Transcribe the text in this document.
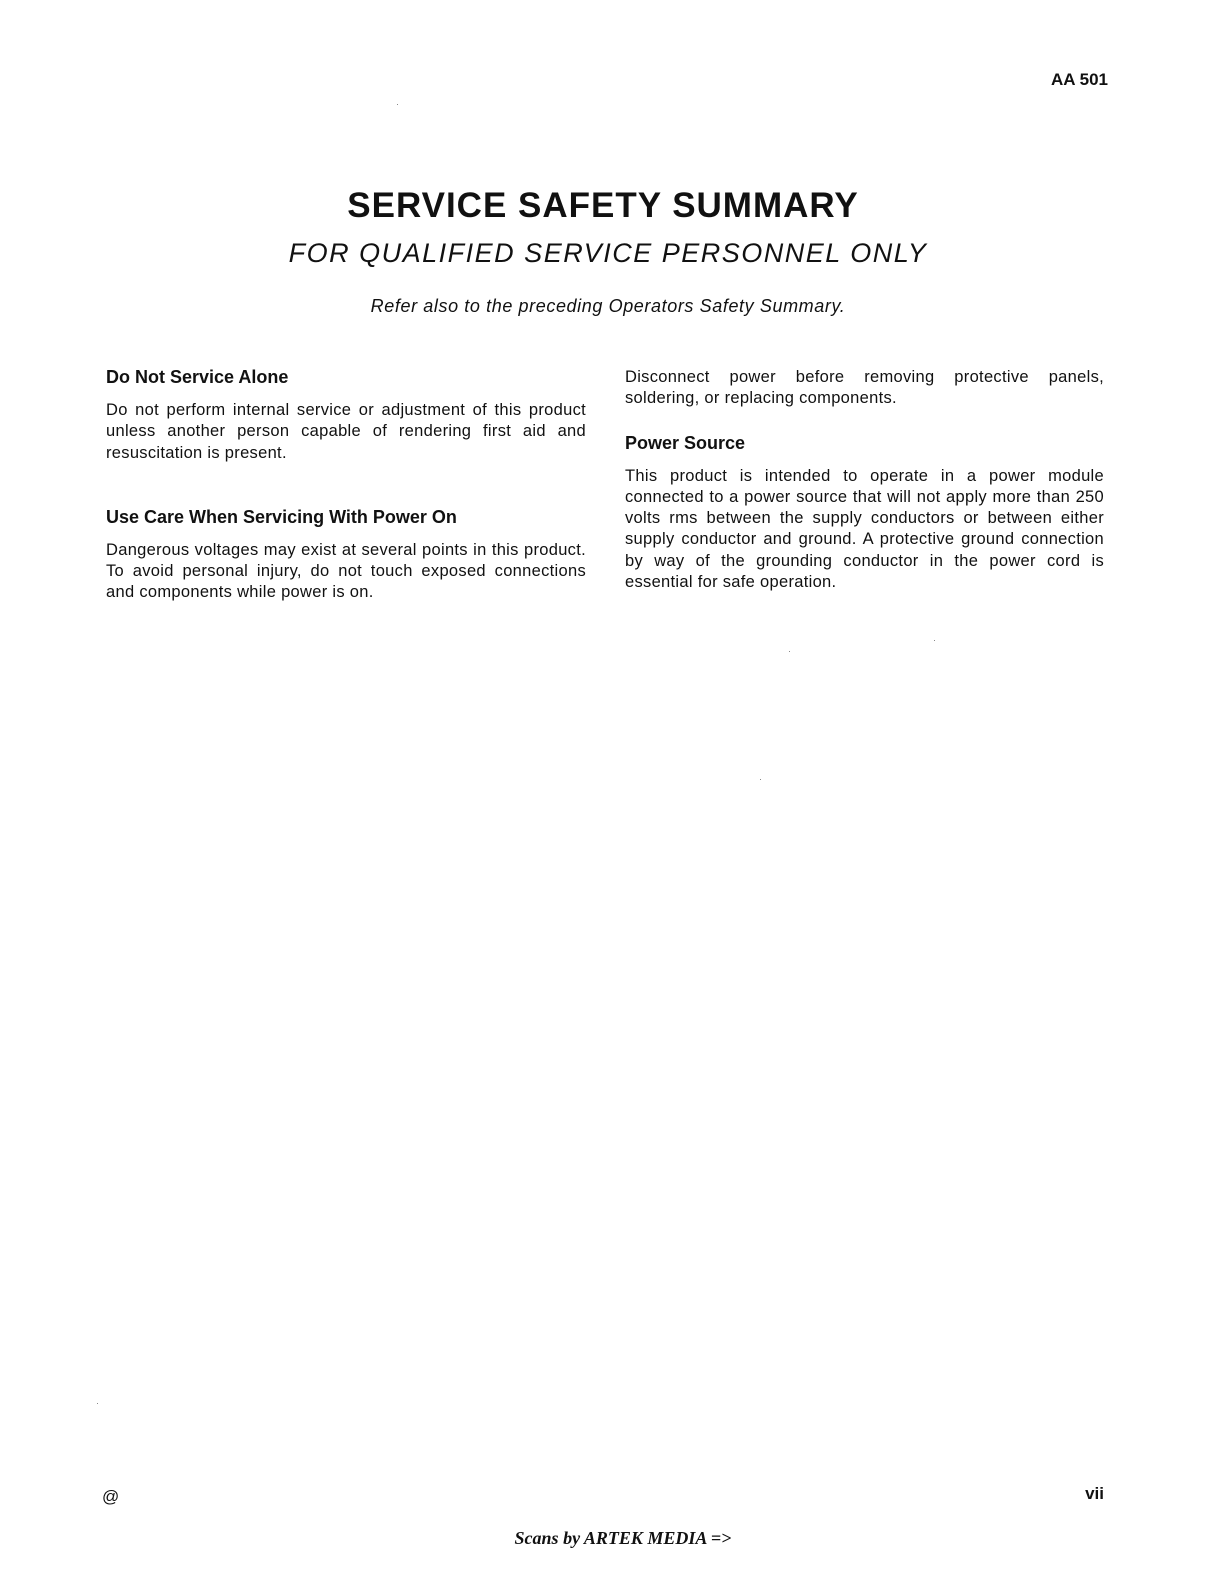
AA 501
SERVICE SAFETY SUMMARY
FOR QUALIFIED SERVICE PERSONNEL ONLY
Refer also to the preceding Operators Safety Summary.
Do Not Service Alone

Do not perform internal service or adjustment of this product unless another person capable of rendering first aid and resuscitation is present.

Use Care When Servicing With Power On

Dangerous voltages may exist at several points in this product. To avoid personal injury, do not touch exposed connections and components while power is on.

Disconnect power before removing protective panels, soldering, or replacing components.

Power Source

This product is intended to operate in a power module connected to a power source that will not apply more than 250 volts rms between the supply conductors or between either supply conductor and ground. A protective ground connection by way of the grounding conductor in the power cord is essential for safe operation.

@	vii
Scans by ARTEK MEDIA =>
